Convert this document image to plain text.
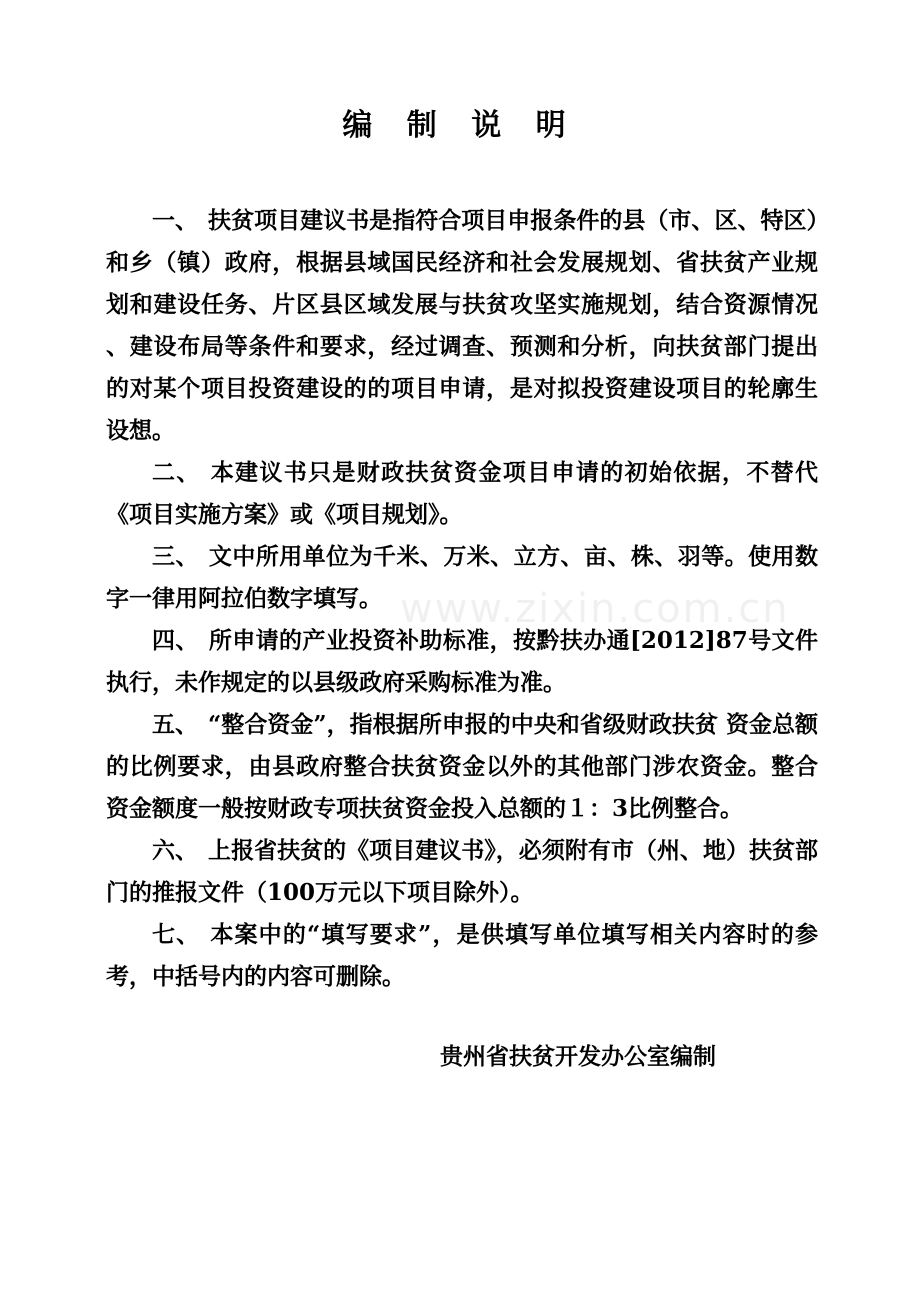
编 制 说 明
www.zixin.com.cn

一、 扶贫项目建议书是指符合项目申报条件的县（市、区、特区）和乡（镇）政府，根据县域国民经济和社会发展规划、省扶贫产业规划和建设任务、片区县区域发展与扶贫攻坚实施规划，结合资源情况 、建设布局等条件和要求，经过调查、预测和分析，向扶贫部门提出的对某个项目投资建设的的项目申请，是对拟投资建设项目的轮廓生设想。

二、 本建议书只是财政扶贫资金项目申请的初始依据，不替代《项目实施方案》或《项目规划》。

三、 文中所用单位为千米、万米、立方、亩、株、羽等。使用数字一律用阿拉伯数字填写。

四、 所申请的产业投资补助标准，按黔扶办通[2012]87号文件执行，未作规定的以县级政府采购标准为准。

五、 “整合资金”，指根据所申报的中央和省级财政扶贫 资金总额的比例要求，由县政府整合扶贫资金以外的其他部门涉农资金。整合资金额度一般按财政专项扶贫资金投入总额的１：3比例整合。

六、 上报省扶贫的《项目建议书》，必须附有市（州、地）扶贫部门的推报文件（100万元以下项目除外）。

七、 本案中的“填写要求”，是供填写单位填写相关内容时的参考，中括号内的内容可删除。

贵州省扶贫开发办公室编制
